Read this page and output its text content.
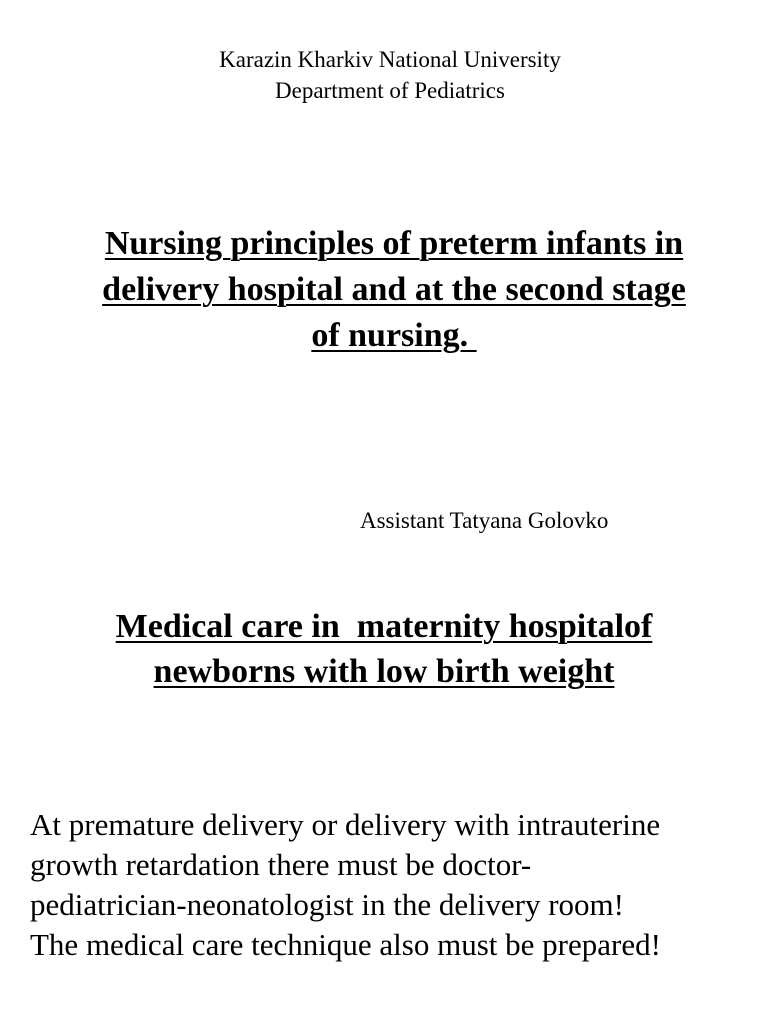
Karazin Kharkiv National University
Department of Pediatrics
Nursing principles of preterm infants in
delivery hospital and at the second stage
of nursing.
Assistant Tatyana Golovko
Medical care in  maternity hospitalof
newborns with low birth weight
At premature delivery or delivery with intrauterine
growth retardation there must be doctor-
pediatrician-neonatologist in the delivery room!
The medical care technique also must be prepared!
